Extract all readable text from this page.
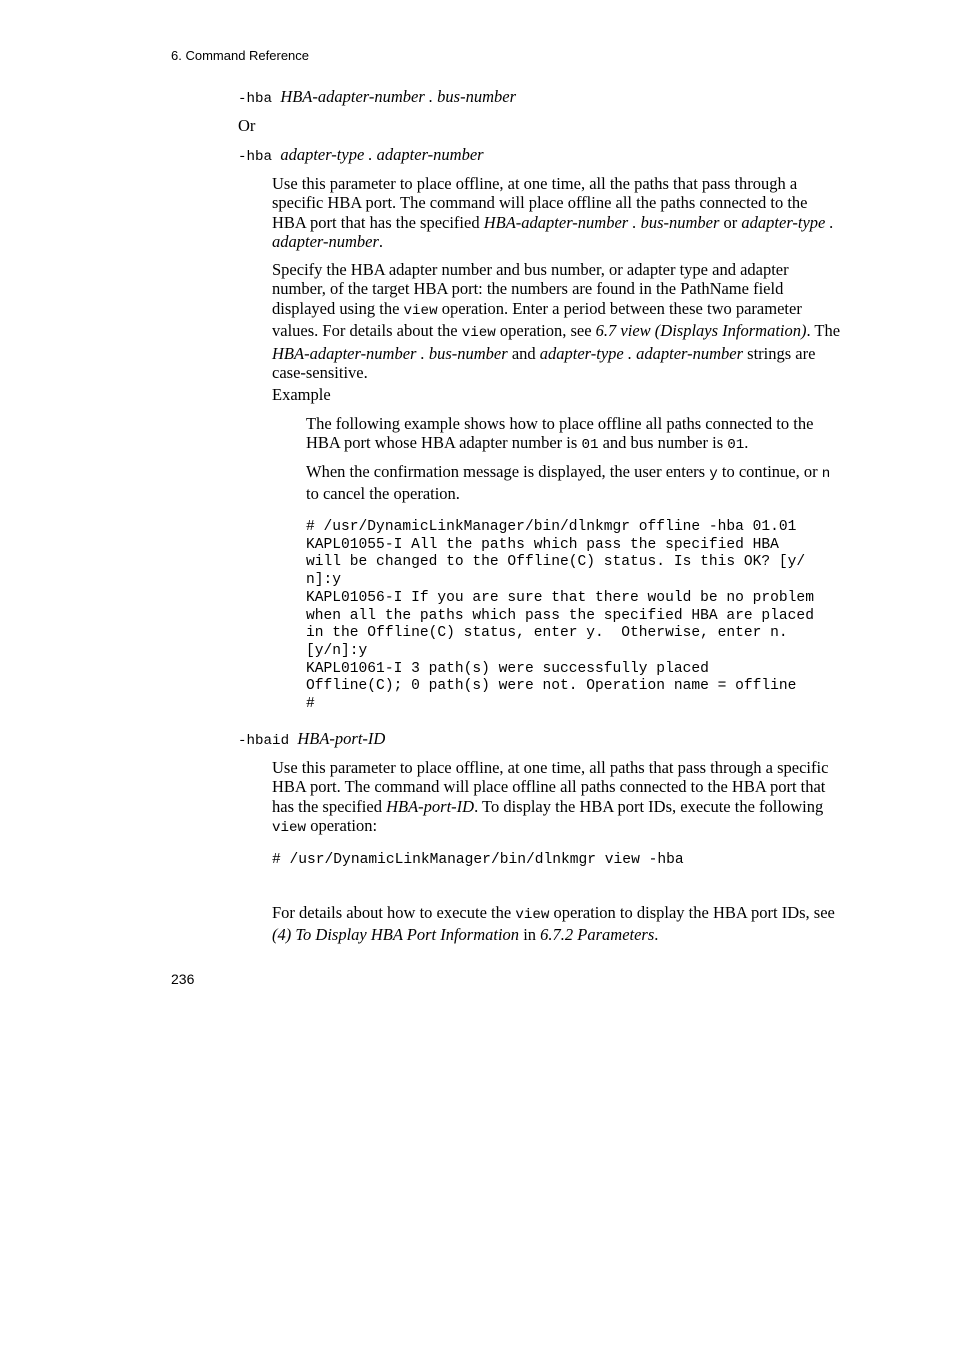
6. Command Reference
-hba HBA-adapter-number . bus-number
Or
-hba adapter-type . adapter-number

Use this parameter to place offline, at one time, all the paths that pass through a specific HBA port. The command will place offline all the paths connected to the HBA port that has the specified HBA-adapter-number . bus-number or adapter-type . adapter-number.

Specify the HBA adapter number and bus number, or adapter type and adapter number, of the target HBA port: the numbers are found in the PathName field displayed using the view operation. Enter a period between these two parameter values. For details about the view operation, see 6.7 view (Displays Information). The HBA-adapter-number . bus-number and adapter-type . adapter-number strings are case-sensitive.

Example

The following example shows how to place offline all paths connected to the HBA port whose HBA adapter number is 01 and bus number is 01.

When the confirmation message is displayed, the user enters y to continue, or n to cancel the operation.

# /usr/DynamicLinkManager/bin/dlnkmgr offline -hba 01.01
KAPL01055-I All the paths which pass the specified HBA
will be changed to the Offline(C) status. Is this OK? [y/
n]:y
KAPL01056-I If you are sure that there would be no problem
when all the paths which pass the specified HBA are placed
in the Offline(C) status, enter y.  Otherwise, enter n.
[y/n]:y
KAPL01061-I 3 path(s) were successfully placed
Offline(C); 0 path(s) were not. Operation name = offline
#
-hbaid HBA-port-ID

Use this parameter to place offline, at one time, all paths that pass through a specific HBA port. The command will place offline all paths connected to the HBA port that has the specified HBA-port-ID. To display the HBA port IDs, execute the following view operation:

# /usr/DynamicLinkManager/bin/dlnkmgr view -hba

For details about how to execute the view operation to display the HBA port IDs, see (4) To Display HBA Port Information in 6.7.2 Parameters.

236
